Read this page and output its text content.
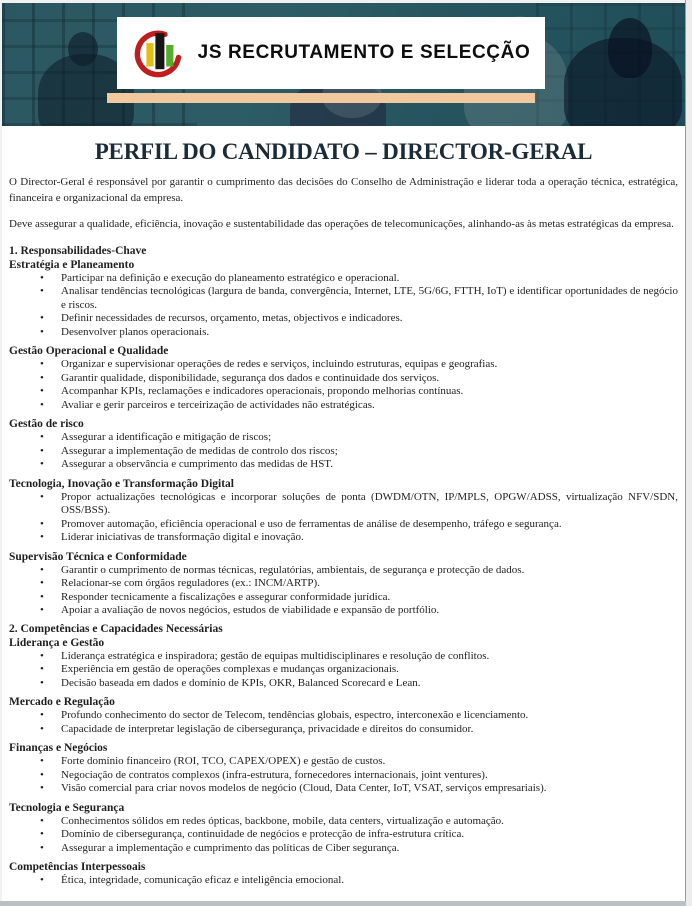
JS RECRUTAMENTO E SELECÇÃO
PERFIL DO CANDIDATO – DIRECTOR-GERAL

O Director-Geral é responsável por garantir o cumprimento das decisões do Conselho de Administração e liderar toda a operação técnica, estratégica, financeira e organizacional da empresa.

Deve assegurar a qualidade, eficiência, inovação e sustentabilidade das operações de telecomunicações, alinhando-as às metas estratégicas da empresa.

1. Responsabilidades-Chave
Estratégia e Planeamento
• Participar na definição e execução do planeamento estratégico e operacional.
• Analisar tendências tecnológicas (largura de banda, convergência, Internet, LTE, 5G/6G, FTTH, IoT) e identificar oportunidades de negócio e riscos.
• Definir necessidades de recursos, orçamento, metas, objectivos e indicadores.
• Desenvolver planos operacionais.
Gestão Operacional e Qualidade
• Organizar e supervisionar operações de redes e serviços, incluindo estruturas, equipas e geografias.
• Garantir qualidade, disponibilidade, segurança dos dados e continuidade dos serviços.
• Acompanhar KPIs, reclamações e indicadores operacionais, propondo melhorias contínuas.
• Avaliar e gerir parceiros e terceirização de actividades não estratégicas.
Gestão de risco
• Assegurar a identificação e mitigação de riscos;
• Assegurar a implementação de medidas de controlo dos riscos;
• Assegurar a observância e cumprimento das medidas de HST.
Tecnologia, Inovação e Transformação Digital
• Propor actualizações tecnológicas e incorporar soluções de ponta (DWDM/OTN, IP/MPLS, OPGW/ADSS, virtualização NFV/SDN, OSS/BSS).
• Promover automação, eficiência operacional e uso de ferramentas de análise de desempenho, tráfego e segurança.
• Liderar iniciativas de transformação digital e inovação.
Supervisão Técnica e Conformidade
• Garantir o cumprimento de normas técnicas, regulatórias, ambientais, de segurança e protecção de dados.
• Relacionar-se com órgãos reguladores (ex.: INCM/ARTP).
• Responder tecnicamente a fiscalizações e assegurar conformidade jurídica.
• Apoiar a avaliação de novos negócios, estudos de viabilidade e expansão de portfólio.
2. Competências e Capacidades Necessárias
Liderança e Gestão
• Liderança estratégica e inspiradora; gestão de equipas multidisciplinares e resolução de conflitos.
• Experiência em gestão de operações complexas e mudanças organizacionais.
• Decisão baseada em dados e domínio de KPIs, OKR, Balanced Scorecard e Lean.
Mercado e Regulação
• Profundo conhecimento do sector de Telecom, tendências globais, espectro, interconexão e licenciamento.
• Capacidade de interpretar legislação de cibersegurança, privacidade e direitos do consumidor.
Finanças e Negócios
• Forte domínio financeiro (ROI, TCO, CAPEX/OPEX) e gestão de custos.
• Negociação de contratos complexos (infra-estrutura, fornecedores internacionais, joint ventures).
• Visão comercial para criar novos modelos de negócio (Cloud, Data Center, IoT, VSAT, serviços empresariais).
Tecnologia e Segurança
• Conhecimentos sólidos em redes ópticas, backbone, mobile, data centers, virtualização e automação.
• Domínio de cibersegurança, continuidade de negócios e protecção de infra-estrutura crítica.
• Assegurar a implementação e cumprimento das políticas de Ciber segurança.
Competências Interpessoais
• Ética, integridade, comunicação eficaz e inteligência emocional.
